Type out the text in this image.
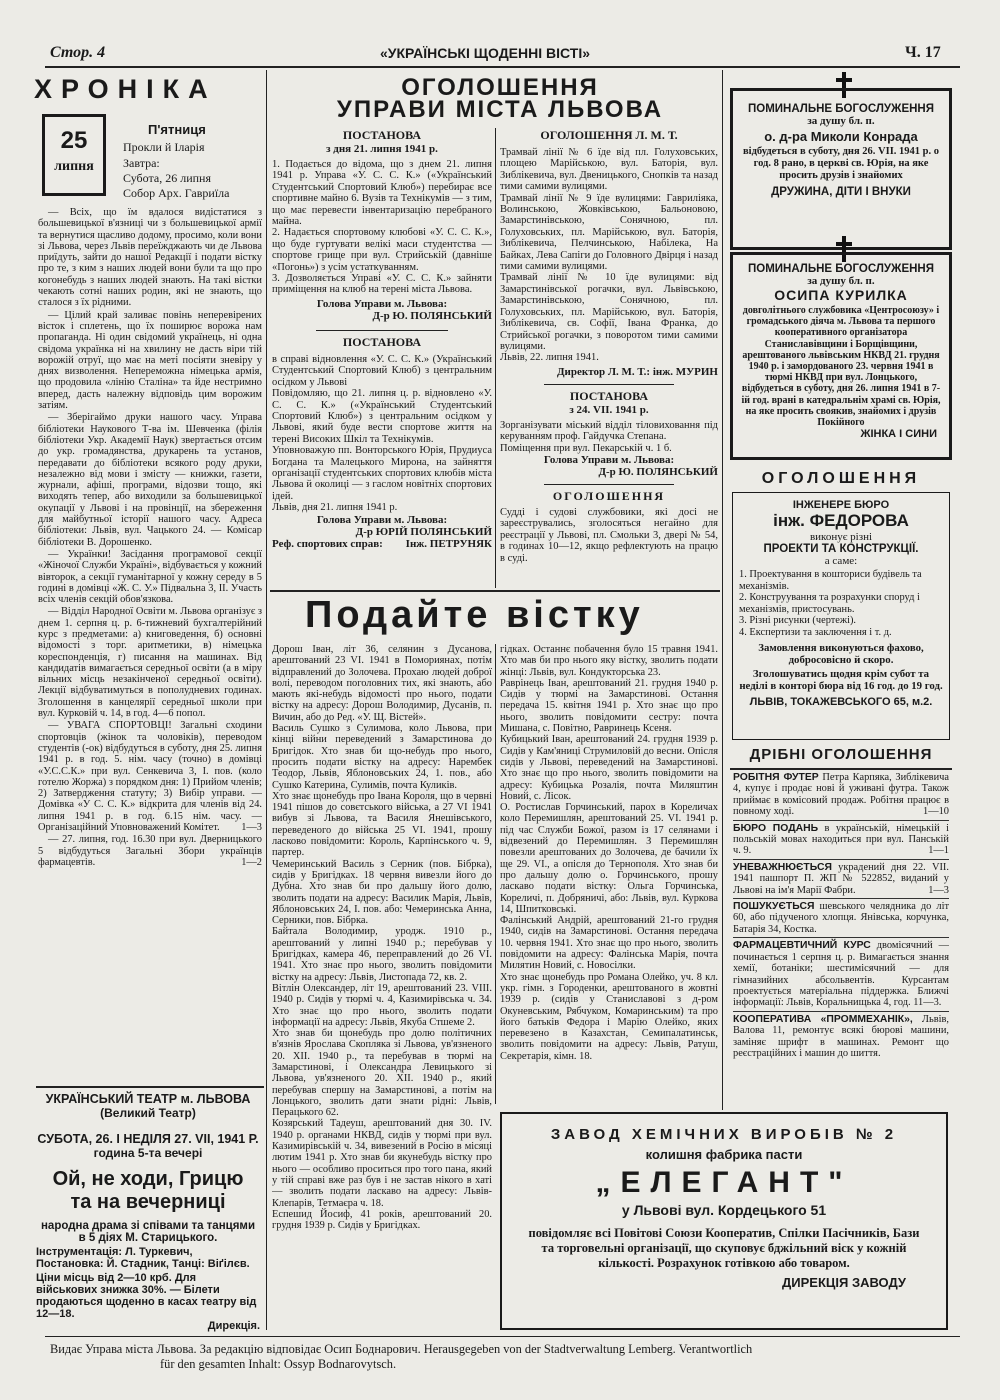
Стор. 4	«УКРАЇНСЬКІ ЩОДЕННІ ВІСТІ»	Ч. 17
ХРОНІКА
25
липня
П'ятниця
Прокли й Іларія
Завтра:
Субота, 26 липня
Собор Арх. Гавриїла

— Всіх, що їм вдалося видістатися з большевицької в'язниці чи з большевицької армії та вернутися щасливо додому, просимо, коли вони зі Львова, через Львів переїжджають чи де Львова приїдуть, зайти до нашої Редакції і подати вістку про те, з ким з наших людей вони були та що про когонебудь з наших людей знають. На такі вістки чекають сотні наших родин, які не знають, що сталося з їх рідними.

— Цілий край заливає повінь неперевірених вісток і сплетень, що їх поширює ворожа нам пропаганда. Ні один свідомий українець, ні одна свідома українка ні на хвилину не дасть віри тій ворожій отруї, що має на меті посіяти зневіру у днях визволення. Непереможна німецька армія, що продовила «лінію Сталіна» та йде нестримно вперед, дасть належну відповідь цим ворожим затіям.

— Зберігаймо друки нашого часу. Управа бібліотеки Наукового Т-ва ім. Шевченка (філія бібліотеки Укр. Академії Наук) звертається отсим до укр. громадянства, друкарень та установ, передавати до бібліотеки всякого роду друки, незалежно від мови і змісту — книжки, газети, журнали, афіші, програми, відозви тощо, які виходять тепер, або виходили за большевицької окупації у Львові і на провінції, на збереження для майбутньої історії нашого часу. Адреса бібліотеки: Львів, вул. Чацького 24. — Комісар бібліотеки В. Дорошенко.

— Українки! Засідання програмової секції «Жіночої Служби Україні», відбувається у кожний вівторок, а секції гуманітарної у кожну середу в 5 годині в домівці «Ж. С. У.» Підвальна 3, II. Участь всіх членів секцій обов'язкова.

— Відділ Народної Освіти м. Львова організує з днем 1. серпня ц. р. 6-тижневий бухгалтерійний курс з предметами: а) книговедення, б) основні відомості з торг. аритметики, в) німецька кореспонденція, г) писання на машинах. Від кандидатів вимагається середньої освіти (а в міру вільних місць незакінченої середньої освіти). Лекції відбуватимуться в пополудневих годинах. Зголошення в канцелярії середньої школи при вул. Курковій ч. 14, в год. 4—6 попол.

— УВАГА СПОРТОВЦІ! Загальні сходини спортовців (жінок та чоловіків), переводом студентів (-ок) відбудуться в суботу, дня 25. липня 1941 р. в год. 5. нім. часу (точно) в домівці «У.С.С.К.» при вул. Сенкевича 3, І. пов. (коло готелю Жоржа) з порядком дня: 1) Прийом членів; 2) Затвердження статуту; 3) Вибір управи. — Домівка «У С. С. К.» відкрита для членів від 24. липня 1941 р. в год. 6.15 нім. часу. — Організаційний Уповноважений Комітет.	1—3

— 27. липня, год. 16.30 при вул. Дверницького 5 відбудуться Загальні Збори українців фармацевтів.	1—2

УКРАЇНСЬКИЙ ТЕАТР м. ЛЬВОВА
(Великий Театр)
СУБОТА, 26. І НЕДІЛЯ 27. VII, 1941 Р.
година 5-та вечері
Ой, не ходи, Грицю
та на вечерниці
народна драма зі співами та танцями в 5 діях М. Старицького.
Інструментація: Л. Туркевич, Постановка: Й. Стадник, Танці: Віґілєв.
Ціни місць від 2—10 крб. Для військових знижка 30%. — Білети продаються щоденно в касах театру від 12—18.
Дирекція.
ОГОЛОШЕННЯ
УПРАВИ МІСТА ЛЬВОВА
ПОСТАНОВА
з дня 21. липня 1941 р.
1. Подається до відома, що з днем 21. липня 1941 р. Управа «У. С. С. К.» («Український Студентський Спортовий Клюб») перебирає все спортивне майно 6. Вузів та Технікумів — з тим, що має перевести інвентаризацію перебраного майна.
2. Надається спортовому клюбові «У. С. С. К.», що буде гуртувати велікі маси студентства — спортове грище при вул. Стрийській (давніше «Погонь») з усім устаткуванням.
3. Дозволяється Управі «У. С. С. К.» зайняти приміщення на клюб на терені міста Львова.
Голова Управи м. Львова:
Д-р Ю. ПОЛЯНСЬКИЙ
ПОСТАНОВА
в справі відновлення «У. С. С. К.» (Український Студентський Спортовий Клюб) з центральним осідком у Львові
Повідомляю, що 21. липня ц. р. відновлено «У. С. С. К.» («Український Студентський Спортовий Клюб») з центральним осідком у Львові, який буде вести спортове життя на терені Високих Шкіл та Технікумів.
Уповноважую пп. Вонторського Юрія, Прудиуса Богдана та Малецького Мирона, на зайняття організації студентських спортових клюбів міста Львова й околиці — з гаслом новітніх спортових ідей.
Львів, дня 21. липня 1941 р.
Голова Управи м. Львова:
Д-р ЮРІЙ ПОЛЯНСЬКИЙ
Реф. спортових справ: Інж. ПЕТРУНЯК
ОГОЛОШЕННЯ Л. М. Т.
Трамвай лінії № 6 їде від пл. Голуховських, площею Марійською, вул. Баторія, вул. Зиблікевича, вул. Двеницького, Снопків та назад тими самими вулицями.
Трамвай лінії № 9 їде вулицями: Гавриліяка, Волинською, Жовківською, Бальоновою, Замарстинівською, Сонячною, пл. Голуховських, пл. Марійською, вул. Баторія, Зиблікевича, Пелчинською, Набілека, На Байках, Лева Сапіги до Головного Двірця і назад тими самими вулицями.
Трамвай лінії № 10 їде вулицями: від Замарстинівської рогачки, вул. Львівською, Замарстинівською, Сонячною, пл. Голуховських, пл. Марійською, вул. Баторія, Зиблікевича, св. Софії, Івана Франка, до Стрийської рогачки, з поворотом тими самими вулицями.
Львів, 22. липня 1941.
Директор Л. М. Т.: інж. МУРИН
ПОСТАНОВА
з 24. VII. 1941 р.
Зорганізувати міський відділ тіловиховання під керуванням проф. Гайдучка Степана.
Поміщення при вул. Пекарській ч. 1 б.
Голова Управи м. Львова:
Д-р Ю. ПОЛЯНСЬКИЙ
ОГОЛОШЕННЯ
Судді і судові службовики, які досі не зареєструвались, зголосяться негайно для реєстрації у Львові, пл. Смольки 3, двері № 54, в годинах 10—12, якщо рефлектують на працю в суді.
Подайте вістку
Дорош Іван, літ 36, селянин з Дусанова, арештований 23 VI. 1941 в Помориянах, потім відправлений до Золочева. Прохаю людей доброї волі, переводом поголовних тих, які знають, або мають які-небудь відомості про нього, подати вістку на адресу: Дорош Володимир, Дусанів, п. Вичин, або до Ред. «У. Щ. Вістей».
Василь Сушко з Сулимова, коло Львова, при кінці війни переведений з Замарстинова до Бригідок. Хто знав би що-небудь про нього, просить подати вістку на адресу: Нарембек Теодор, Львів, Яблоновських 24, 1. пов., або Сушко Катерина, Сулимів, почта Куликів.
Хто знає щонебудь про Івана Короля, що в червні 1941 пішов до совєтського війська, а 27 VI 1941 вибув зі Львова, та Василя Янешівського, переведеного до війська 25 VI. 1941, прошу ласково повідомити: Король, Карпінського ч. 9, партер.
Чемеринський Василь з Серник (пов. Бібрка), сидів у Бригідках. 18 червня вивезли його до Дубна. Хто знав би про дальшу його долю, зволить подати на адресу: Василик Марія, Львів, Яблоновських 24, І. пов. або: Чемеринська Анна, Серники, пов. Бібрка.
Байтала Володимир, уродж. 1910 р., арештований у липні 1940 р.; перебував у Бригідках, камера 46, переправлений до 26 VI. 1941. Хто знає про нього, зволить повідомити вістку на адресу: Львів, Листопада 72, кв. 2.
Вітлін Олександер, літ 19, арештований 23. VIII. 1940 р. Сидів у тюрмі ч. 4, Казимирівська ч. 34. Хто знає що про нього, зволить подати інформації на адресу: Львів, Якуба Стшеме 2.
Хто знав би щонебудь про долю політичних в'язнів Ярослава Скопляка зі Львова, ув'язненого 20. XII. 1940 р., та перебував в тюрмі на Замарстинові, і Олександра Левицького зі Львова, ув'язненого 20. XII. 1940 р., який перебував спершу на Замарстинові, а потім на Лонцького, зволить дати знати рідні: Львів, Перацького 62.
Козярський Тадеуш, арештований дня 30. IV. 1940 р. органами НКВД, сидів у тюрмі при вул. Казимирівській ч. 34, вивезений в Росію в місяці лютим 1941 р. Хто знав би якунебудь вістку про нього — особливо проситься про того пана, який у тій справі вже раз був і не застав нікого в хаті — зволить подати ласкаво на адресу: Львів-Клепарів, Тетмаєра ч. 18.
Еспешид Йосиф, 41 років, арештований 20. грудня 1939 р. Сидів у Бригідках.
гідках. Останнє побачення було 15 травня 1941. Хто мав би про нього яку вістку, зволить подати жінці: Львів, вул. Кондукторська 23.
Раврінець Іван, арештований 21. грудня 1940 р. Сидів у тюрмі на Замарстинові. Остання передача 15. квітня 1941 р. Хто знає що про нього, зволить повідомити сестру: почта Мишана, с. Повітно, Равринець Ксеня.
Кубицький Іван, арештований 24. грудня 1939 р. Сидів у Кам'яниці Струмиловій до весни. Опісля сидів у Львові, переведений на Замарстинові. Хто знає що про нього, зволить повідомити на адресу: Кубицька Розалія, почта Миляштин Новий, с. Лісок.
О. Ростислав Горчинський, парох в Кореличах коло Перемишлян, арештований 25. VI. 1941 р. під час Служби Божої, разом із 17 селянами і відвезений до Перемишлян. З Перемишлян повезли арештованих до Золочева, де бачили їх ще 29. VI., а опісля до Тернополя. Хто знав би про дальшу долю о. Горчинського, прошу ласкаво подати вістку: Ольга Горчинська, Кореличі, п. Добряничі, або: Львів, вул. Куркова 14, Шпитковські.
Фалінський Андрій, арештований 21-го грудня 1940, сидів на Замарстинові. Остання передача 10. червня 1941. Хто знає що про нього, зволить повідомити на адресу: Фалінська Марія, почта Милятин Новий, с. Новосілки.
Хто знає щонебудь про Романа Олейко, уч. 8 кл. укр. гімн. з Городенки, арештованого в жовтні 1939 р. (сидів у Станиславові з д-ром Окуневським, Рябчуком, Комаринським) та про його батьків Федора і Марію Олейко, яких перевезено в Казахстан, Семипалатинськ, зволить повідомити на адресу: Львів, Ратуш, Секретарія, кімн. 18.
ЗАВОД ХЕМІЧНИХ ВИРОБІВ № 2
колишня фабрика пасти
„ЕЛЕГАНТ"
у Львові вул. Кордецького 51
повідомляє всі Повітові Союзи Кооператив, Спілки Пасічників, Бази та торговельні організації, що скуповує бджільний віск у кожній кількості. Розрахунок готівкою або товаром.
ДИРЕКЦІЯ ЗАВОДУ
ПОМИНАЛЬНЕ БОГОСЛУЖЕННЯ
за душу бл. п.
о. д-ра Миколи Конрада
відбудеться в суботу, дня 26. VII. 1941 р. о год. 8 рано, в церкві св. Юрія, на яке просить друзів і знайомих
ДРУЖИНА, ДІТИ І ВНУКИ
ПОМИНАЛЬНЕ БОГОСЛУЖЕННЯ
за душу бл. п.
ОСИПА КУРИЛКА
довголітнього службовика «Центросоюзу» і громадського діяча м. Львова та першого кооперативного організатора Станиславівщини і Борщівщини, арештованого львівським НКВД 21. грудня 1940 р. і замордованого 23. червня 1941 в тюрмі НКВД при вул. Лонцького, відбудеться в суботу, дня 26. липня 1941 в 7-ій год. врані в катедральнім храмі св. Юрія, на яке просить своякив, знайомих і друзів Покійного
ЖІНКА І СИНИ
ОГОЛОШЕННЯ
ІНЖЕНЕРЕ БЮРО
інж. ФЕДОРОВА
виконує різні
ПРОЕКТИ ТА КОНСТРУКЦІЇ.
а саме:
1. Проектування в кошториси будівель та механізмів.
2. Конструування та розрахунки споруд і механізмів, пристосувань.
3. Різні рисунки (чертежі).
4. Експертизи та заключення і т. д.
Замовлення виконуються фахово, добросовісно й скоро.
Зголошуватись щодня крім субот та неділі в конторі бюра від 16 год. до 19 год.
ЛЬВІВ, ТОКАЖЕВСЬКОГО 65, м.2.
ДРІБНІ ОГОЛОШЕННЯ
РОБІТНЯ ФУТЕР Петра Карпяка, Зиблікевича 4, купує і продає нові й уживані футра. Також приймає в комісовий продаж. Робітня працює в повному ході.	1—10
БЮРО ПОДАНЬ в українській, німецькій і польській мовах находиться при вул. Панській ч. 9.	1—1
УНЕВАЖНЮЄТЬСЯ украдений дня 22. VII. 1941 пашпорт П. ЖП № 522852, виданий у Львові на ім'я Марії Фабри.	1—3
ПОШУКУЄТЬСЯ шевського челядника до літ 60, або підученого хлопця. Янівська, корчунка, Батарія 34, Костка.
ФАРМАЦЕВТИЧНИЙ КУРС двомісячний — починається 1 серпня ц. р. Вимагається знання хемії, ботаніки; шестимісячний — для гімназийних абсольвентів. Курсантам проектується матеріальна піддержка. Ближчі інформації: Львів, Коральнищька 4, год. 11—3.
КООПЕРАТИВА «ПРОММЕХАНІК», Львів, Валова 11, ремонтує всякі бюрові машини, заміняє шрифт в машинах. Ремонт що реєстраційних і машин до шиття.
Видає Управа міста Львова. За редакцію відповідає Осип Боднарович. Herausgegeben von der Stadtverwaltung Lemberg. Verantwortlich
für den gesamten Inhalt: Ossyp Bodnarovytsch.
